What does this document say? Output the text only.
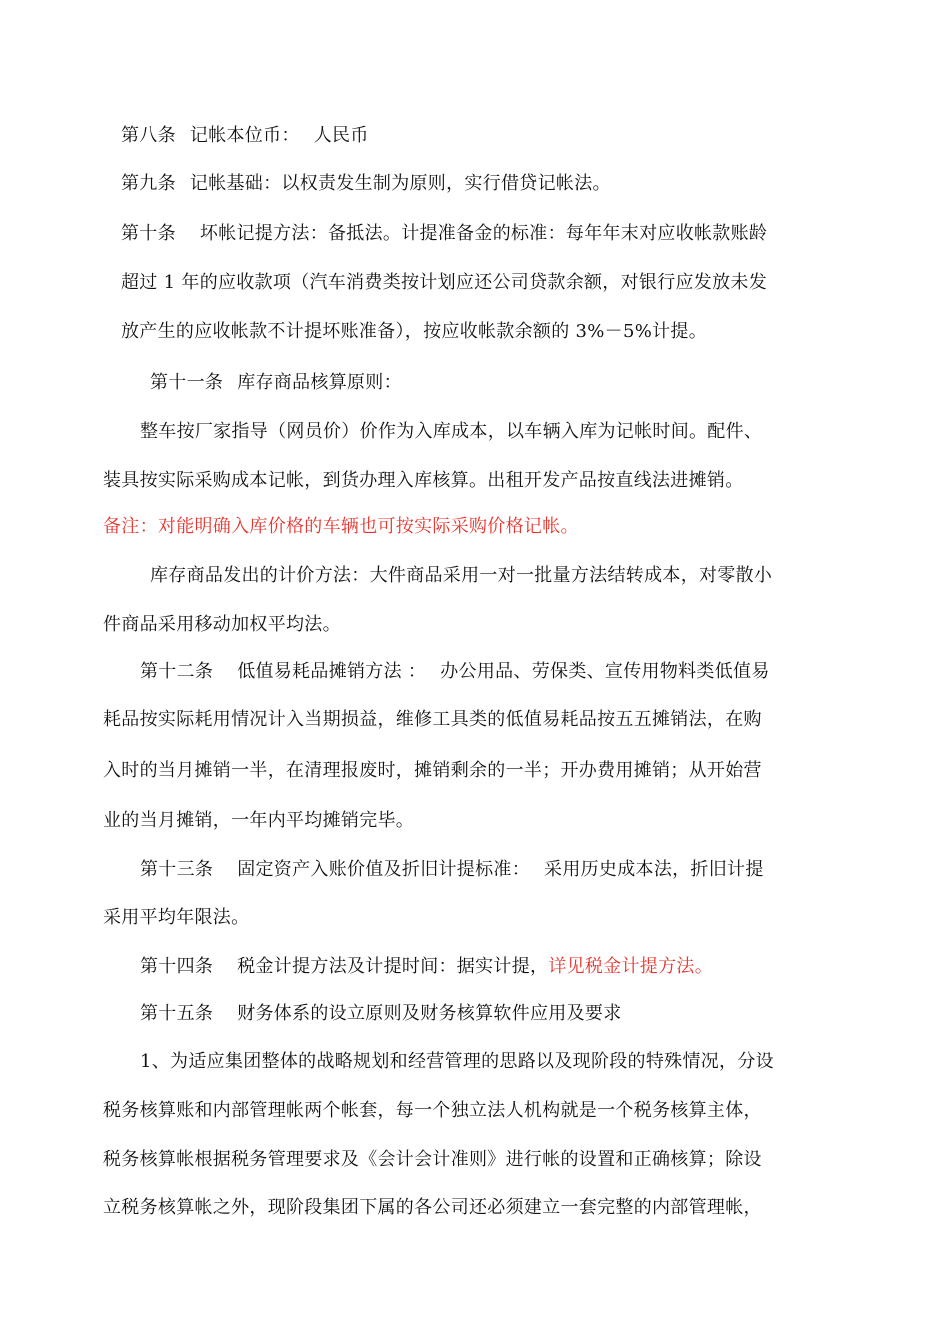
第八条 记帐本位币： 人民币
第九条 记帐基础：以权责发生制为原则，实行借贷记帐法。
第十条 坏帐记提方法：备抵法。计提准备金的标准：每年年末对应收帐款账龄
超过 1 年的应收款项（汽车消费类按计划应还公司贷款余额，对银行应发放未发
放产生的应收帐款不计提坏账准备），按应收帐款余额的 3%－5%计提。
第十一条 库存商品核算原则：
整车按厂家指导（网员价）价作为入库成本，以车辆入库为记帐时间。配件、
装具按实际采购成本记帐，到货办理入库核算。出租开发产品按直线法进摊销。
备注：对能明确入库价格的车辆也可按实际采购价格记帐。
库存商品发出的计价方法：大件商品采用一对一批量方法结转成本，对零散小
件商品采用移动加权平均法。
第十二条 低值易耗品摊销方法 ： 办公用品、劳保类、宣传用物料类低值易
耗品按实际耗用情况计入当期损益，维修工具类的低值易耗品按五五摊销法，在购
入时的当月摊销一半，在清理报废时，摊销剩余的一半；开办费用摊销；从开始营
业的当月摊销，一年内平均摊销完毕。
第十三条 固定资产入账价值及折旧计提标准： 采用历史成本法，折旧计提
采用平均年限法。
第十四条 税金计提方法及计提时间：据实计提，详见税金计提方法。
第十五条 财务体系的设立原则及财务核算软件应用及要求
1、为适应集团整体的战略规划和经营管理的思路以及现阶段的特殊情况，分设
税务核算账和内部管理帐两个帐套，每一个独立法人机构就是一个税务核算主体，
税务核算帐根据税务管理要求及《会计会计准则》进行帐的设置和正确核算；除设
立税务核算帐之外，现阶段集团下属的各公司还必须建立一套完整的内部管理帐，
